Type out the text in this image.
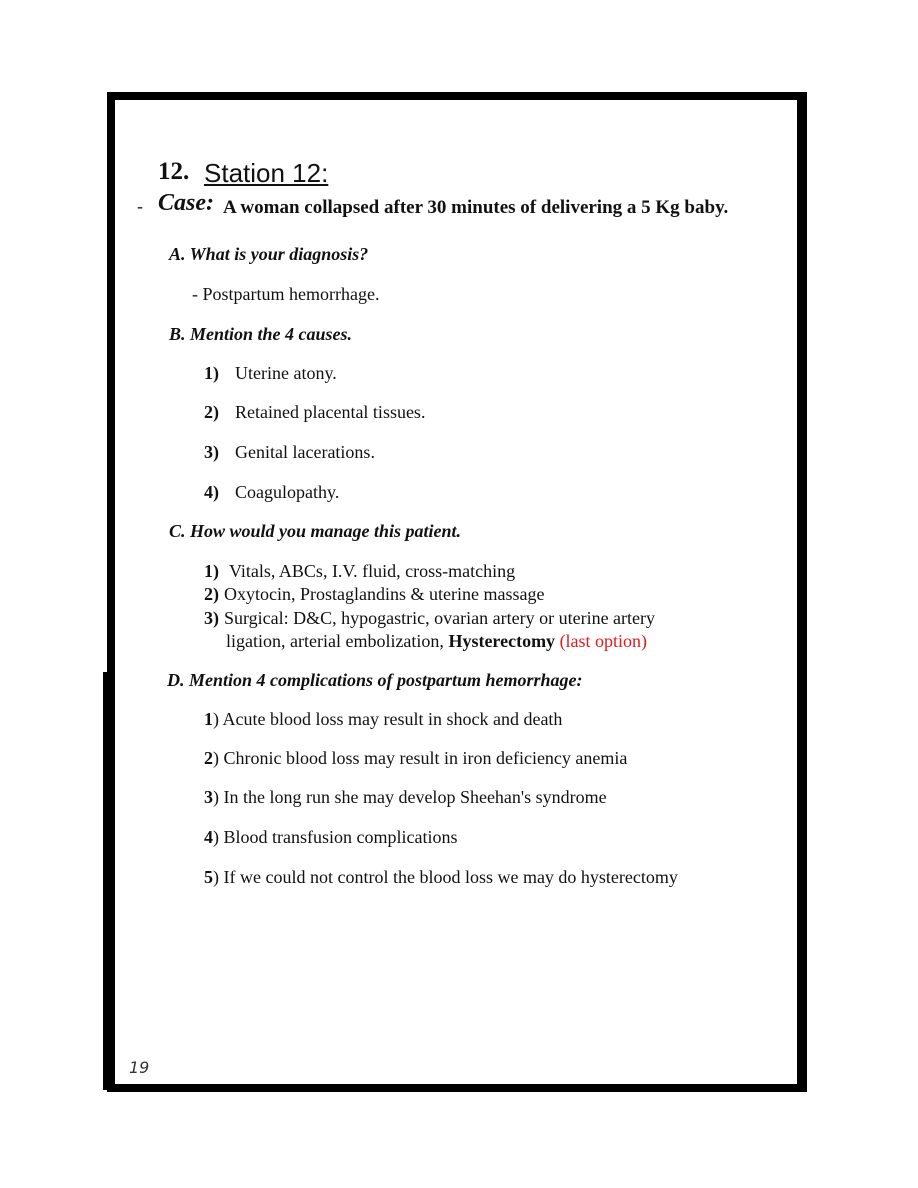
12. Station 12:
- Case: A woman collapsed after 30 minutes of delivering a 5 Kg baby.
A. What is your diagnosis?
- Postpartum hemorrhage.
B. Mention the 4 causes.
1) Uterine atony.
2) Retained placental tissues.
3) Genital lacerations.
4) Coagulopathy.
C. How would you manage this patient.
1) Vitals, ABCs, I.V. fluid, cross-matching
2) Oxytocin, Prostaglandins & uterine massage
3) Surgical: D&C, hypogastric, ovarian artery or uterine artery
ligation, arterial embolization, Hysterectomy (last option)
D. Mention 4 complications of postpartum hemorrhage:
1) Acute blood loss may result in shock and death
2) Chronic blood loss may result in iron deficiency anemia
3) In the long run she may develop Sheehan's syndrome
4) Blood transfusion complications
5) If we could not control the blood loss we may do hysterectomy
19
